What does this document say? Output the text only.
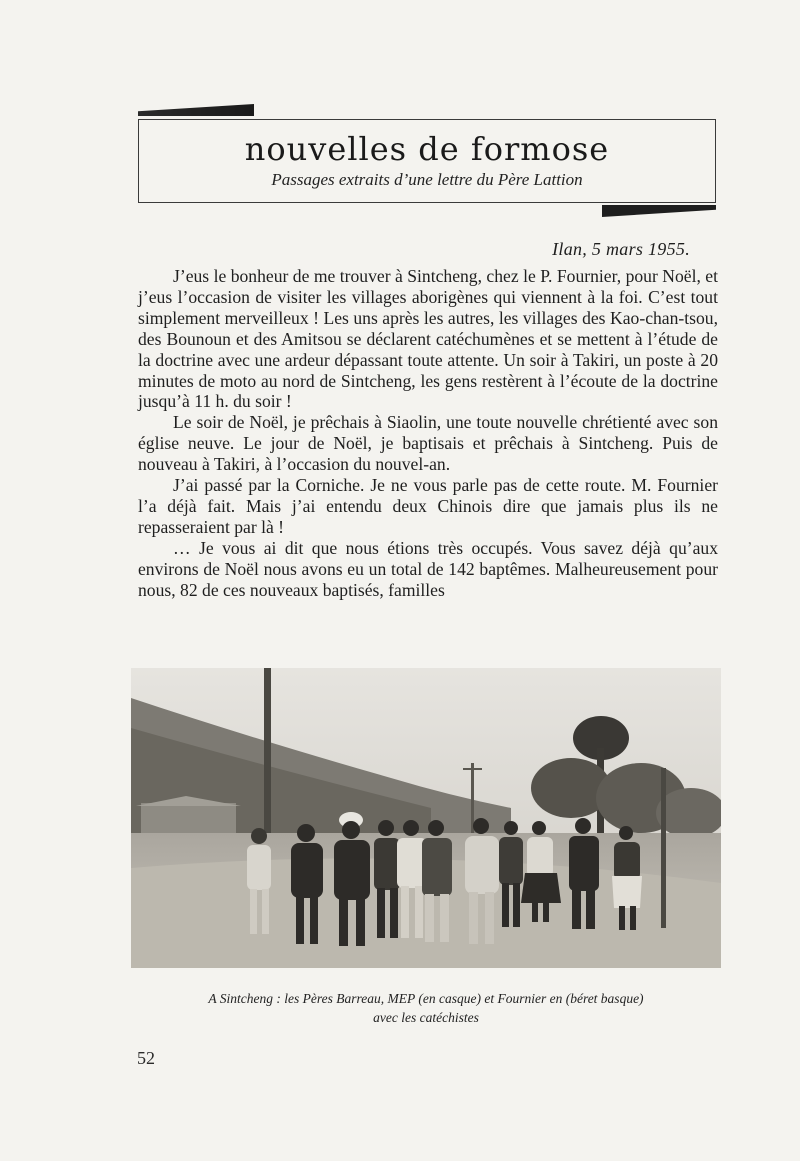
nouvelles de formose
Passages extraits d’une lettre du Père Lattion
Ilan, 5 mars 1955.

J’eus le bonheur de me trouver à Sintcheng, chez le P. Fournier, pour Noël, et j’eus l’occasion de visiter les villages aborigènes qui viennent à la foi. C’est tout simplement merveilleux ! Les uns après les autres, les villages des Kao-chan-tsou, des Bounoun et des Amitsou se déclarent catéchumènes et se mettent à l’étude de la doctrine avec une ardeur dépassant toute attente. Un soir à Takiri, un poste à 20 minutes de moto au nord de Sintcheng, les gens restèrent à l’écoute de la doctrine jusqu’à 11 h. du soir !

Le soir de Noël, je prêchais à Siaolin, une toute nouvelle chrétienté avec son église neuve. Le jour de Noël, je baptisais et prêchais à Sintcheng. Puis de nouveau à Takiri, à l’occasion du nouvel-an.

J’ai passé par la Corniche. Je ne vous parle pas de cette route. M. Fournier l’a déjà fait. Mais j’ai entendu deux Chinois dire que jamais plus ils ne repasseraient par là !

… Je vous ai dit que nous étions très occupés. Vous savez déjà qu’aux environs de Noël nous avons eu un total de 142 baptêmes. Malheureusement pour nous, 82 de ces nouveaux baptisés, familles

A Sintcheng : les Pères Barreau, MEP (en casque) et Fournier en (béret basque)
avec les catéchistes
52
